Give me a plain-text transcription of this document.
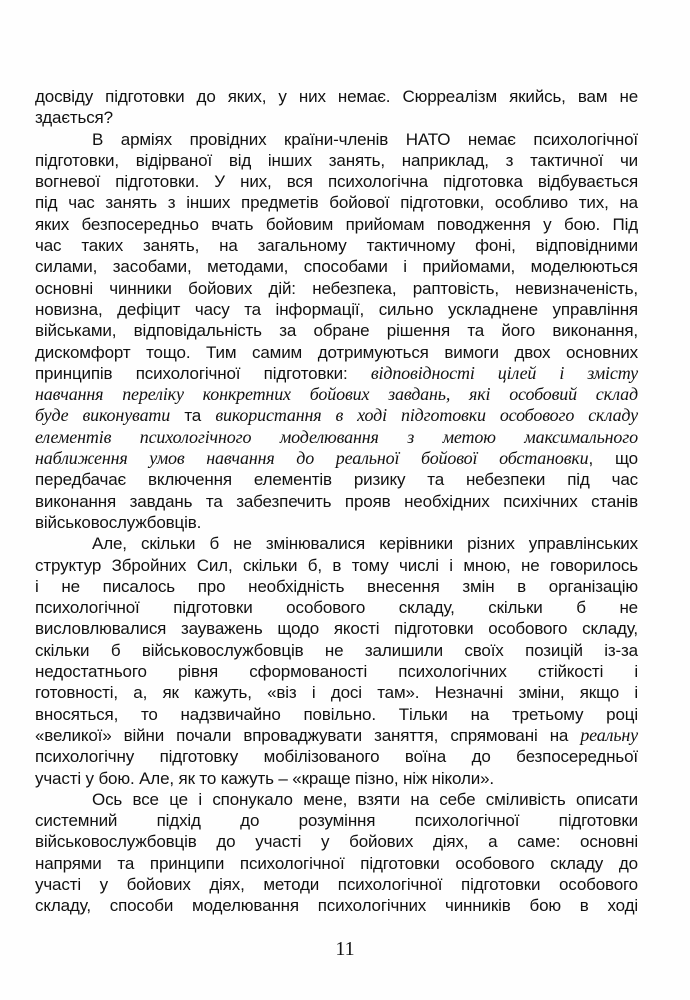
досвіду підготовки до яких, у них немає. Сюрреалізм якийсь, вам не
здається?
В арміях провідних країни-членів НАТО немає психологічної
підготовки, відірваної від інших занять, наприклад, з тактичної чи
вогневої підготовки. У них, вся психологічна підготовка відбувається
під час занять з інших предметів бойової підготовки, особливо тих, на
яких безпосередньо вчать бойовим прийомам поводження у бою. Під
час таких занять, на загальному тактичному фоні, відповідними
силами, засобами, методами, способами і прийомами, моделюються
основні чинники бойових дій: небезпека, раптовість, невизначеність,
новизна, дефіцит часу та інформації, сильно ускладнене управління
військами, відповідальність за обране рішення та його виконання,
дискомфорт тощо. Тим самим дотримуються вимоги двох основних
принципів психологічної підготовки: відповідності цілей і змісту
навчання переліку конкретних бойових завдань, які особовий склад
буде виконувати та використання в ході підготовки особового складу
елементів психологічного моделювання з метою максимального
наближення умов навчання до реальної бойової обстановки, що
передбачає включення елементів ризику та небезпеки під час
виконання завдань та забезпечить прояв необхідних психічних станів
військовослужбовців.
Але, скільки б не змінювалися керівники різних управлінських
структур Збройних Сил, скільки б, в тому числі і мною, не говорилось
і не писалось про необхідність внесення змін в організацію
психологічної підготовки особового складу, скільки б не
висловлювалися зауважень щодо якості підготовки особового складу,
скільки б військовослужбовців не залишили своїх позицій із-за
недостатнього рівня сформованості психологічних стійкості і
готовності, а, як кажуть, «віз і досі там». Незначні зміни, якщо і
вносяться, то надзвичайно повільно. Тільки на третьому році
«великої» війни почали впроваджувати заняття, спрямовані на реальну
психологічну підготовку мобілізованого воїна до безпосередньої
участі у бою. Але, як то кажуть – «краще пізно, ніж ніколи».
Ось все це і спонукало мене, взяти на себе сміливість описати
системний підхід до розуміння психологічної підготовки
військовослужбовців до участі у бойових діях, а саме: основні
напрями та принципи психологічної підготовки особового складу до
участі у бойових діях, методи психологічної підготовки особового
складу, способи моделювання психологічних чинників бою в ході
11
